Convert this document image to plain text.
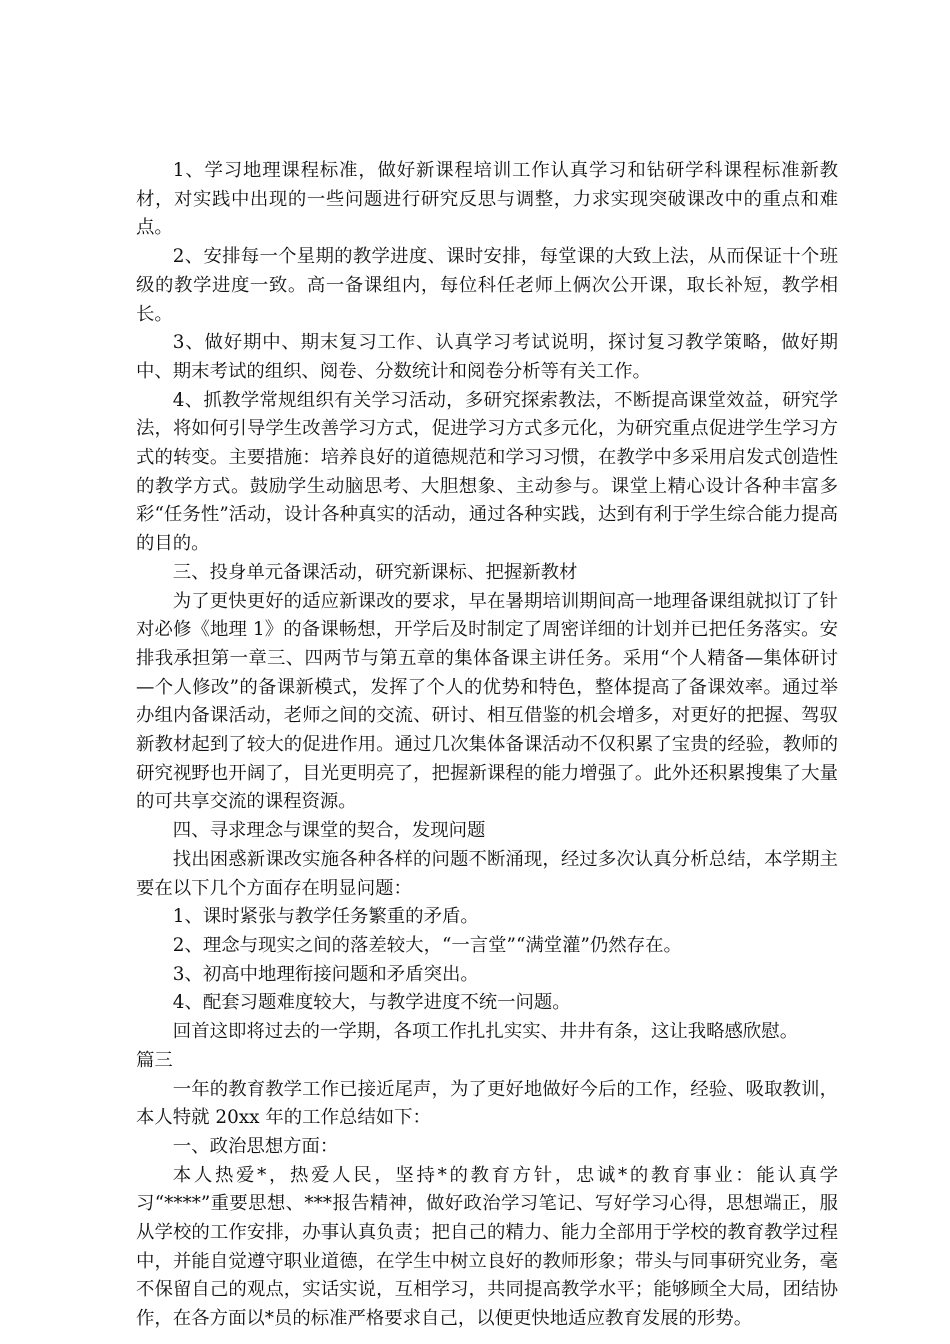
1、学习地理课程标准，做好新课程培训工作认真学习和钻研学科课程标准新教材，对实践中出现的一些问题进行研究反思与调整，力求实现突破课改中的重点和难点。

2、安排每一个星期的教学进度、课时安排，每堂课的大致上法，从而保证十个班级的教学进度一致。高一备课组内，每位科任老师上俩次公开课，取长补短，教学相长。

3、做好期中、期末复习工作、认真学习考试说明，探讨复习教学策略，做好期中、期末考试的组织、阅卷、分数统计和阅卷分析等有关工作。

4、抓教学常规组织有关学习活动，多研究探索教法，不断提高课堂效益，研究学法，将如何引导学生改善学习方式，促进学习方式多元化，为研究重点促进学生学习方式的转变。主要措施：培养良好的道德规范和学习习惯，在教学中多采用启发式创造性的教学方式。鼓励学生动脑思考、大胆想象、主动参与。课堂上精心设计各种丰富多彩“任务性”活动，设计各种真实的活动，通过各种实践，达到有利于学生综合能力提高的目的。

三、投身单元备课活动，研究新课标、把握新教材

为了更快更好的适应新课改的要求，早在暑期培训期间高一地理备课组就拟订了针对必修《地理 1》的备课畅想，开学后及时制定了周密详细的计划并已把任务落实。安排我承担第一章三、四两节与第五章的集体备课主讲任务。采用“个人精备—集体研讨—个人修改”的备课新模式，发挥了个人的优势和特色，整体提高了备课效率。通过举办组内备课活动，老师之间的交流、研讨、相互借鉴的机会增多，对更好的把握、驾驭新教材起到了较大的促进作用。通过几次集体备课活动不仅积累了宝贵的经验，教师的研究视野也开阔了，目光更明亮了，把握新课程的能力增强了。此外还积累搜集了大量的可共享交流的课程资源。

四、寻求理念与课堂的契合，发现问题

找出困惑新课改实施各种各样的问题不断涌现，经过多次认真分析总结，本学期主要在以下几个方面存在明显问题：

1、课时紧张与教学任务繁重的矛盾。

2、理念与现实之间的落差较大，“一言堂”“满堂灌”仍然存在。

3、初高中地理衔接问题和矛盾突出。

4、配套习题难度较大，与教学进度不统一问题。

回首这即将过去的一学期，各项工作扎扎实实、井井有条，这让我略感欣慰。

篇三

一年的教育教学工作已接近尾声，为了更好地做好今后的工作，经验、吸取教训，本人特就 20xx 年的工作总结如下：

一、政治思想方面：

本人热爱*，热爱人民，坚持*的教育方针，忠诚*的教育事业：能认真学习“****”重要思想、***报告精神，做好政治学习笔记、写好学习心得，思想端正，服从学校的工作安排，办事认真负责；把自己的精力、能力全部用于学校的教育教学过程中，并能自觉遵守职业道德，在学生中树立良好的教师形象；带头与同事研究业务，毫不保留自己的观点，实话实说，互相学习，共同提高教学水平；能够顾全大局，团结协作，在各方面以*员的标准严格要求自己，以便更快地适应教育发展的形势。
